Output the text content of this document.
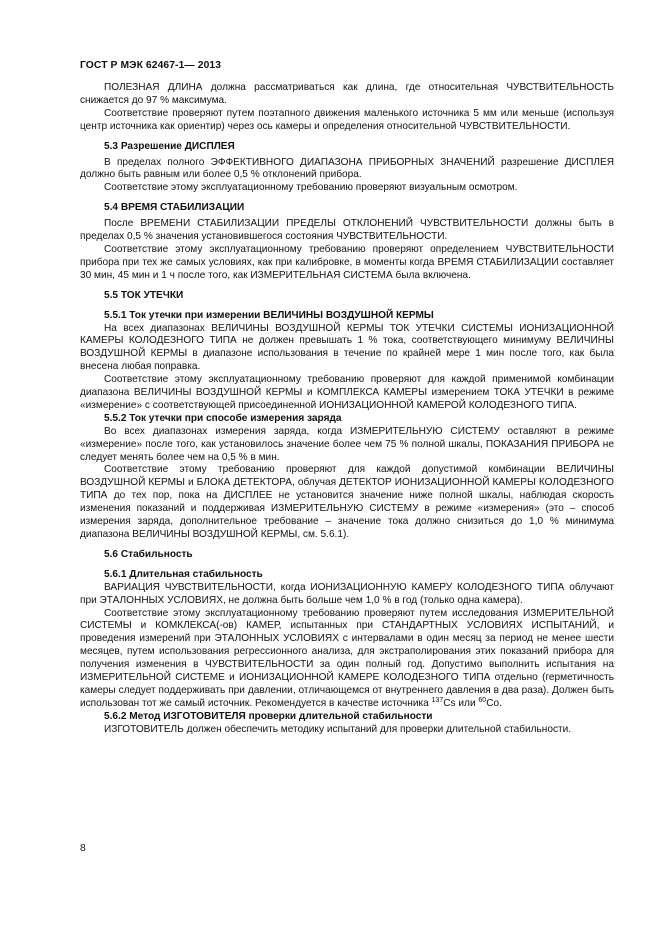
ГОСТ Р МЭК 62467-1— 2013

ПОЛЕЗНАЯ ДЛИНА должна рассматриваться как длина, где относительная ЧУВСТВИТЕЛЬНОСТЬ снижается до 97 % максимума.

Соответствие проверяют путем поэтапного движения маленького источника 5 мм или меньше (используя центр источника как ориентир) через ось камеры и определения относительной ЧУВСТВИТЕЛЬНОСТИ.

5.3 Разрешение ДИСПЛЕЯ

В пределах полного ЭФФЕКТИВНОГО ДИАПАЗОНА ПРИБОРНЫХ ЗНАЧЕНИЙ разрешение ДИСПЛЕЯ должно быть равным или более 0,5 % отклонений прибора.

Соответствие этому эксплуатационному требованию проверяют визуальным осмотром.

5.4 ВРЕМЯ СТАБИЛИЗАЦИИ

После ВРЕМЕНИ СТАБИЛИЗАЦИИ ПРЕДЕЛЫ ОТКЛОНЕНИЙ ЧУВСТВИТЕЛЬНОСТИ должны быть в пределах 0,5 % значения установившегося состояния ЧУВСТВИТЕЛЬНОСТИ.

Соответствие этому эксплуатационному требованию проверяют определением ЧУВСТВИТЕЛЬНОСТИ прибора при тех же самых условиях, как при калибровке, в моменты когда ВРЕМЯ СТАБИЛИЗАЦИИ составляет 30 мин, 45 мин и 1 ч после того, как ИЗМЕРИТЕЛЬНАЯ СИСТЕМА была включена.

5.5 ТОК УТЕЧКИ
5.5.1 Ток утечки при измерении ВЕЛИЧИНЫ ВОЗДУШНОЙ КЕРМЫ

На всех диапазонах ВЕЛИЧИНЫ ВОЗДУШНОЙ КЕРМЫ ТОК УТЕЧКИ СИСТЕМЫ ИОНИЗАЦИОННОЙ КАМЕРЫ КОЛОДЕЗНОГО ТИПА не должен превышать 1 % тока, соответствующего минимуму ВЕЛИЧИНЫ ВОЗДУШНОЙ КЕРМЫ в диапазоне использования в течение по крайней мере 1 мин после того, как была внесена любая поправка.

Соответствие этому эксплуатационному требованию проверяют для каждой применимой комбинации диапазона ВЕЛИЧИНЫ ВОЗДУШНОЙ КЕРМЫ и КОМПЛЕКСА КАМЕРЫ измерением ТОКА УТЕЧКИ в режиме «измерение» с соответствующей присоединенной ИОНИЗАЦИОННОЙ КАМЕРОЙ КОЛОДЕЗНОГО ТИПА.

5.5.2 Ток утечки при способе измерения заряда

Во всех диапазонах измерения заряда, когда ИЗМЕРИТЕЛЬНУЮ СИСТЕМУ оставляют в режиме «измерение» после того, как установилось значение более чем 75 % полной шкалы, ПОКАЗАНИЯ ПРИБОРА не следует менять более чем на 0,5 % в мин.

Соответствие этому требованию проверяют для каждой допустимой комбинации ВЕЛИЧИНЫ ВОЗДУШНОЙ КЕРМЫ и БЛОКА ДЕТЕКТОРА, облучая ДЕТЕКТОР ИОНИЗАЦИОННОЙ КАМЕРЫ КОЛОДЕЗНОГО ТИПА до тех пор, пока на ДИСПЛЕЕ не установится значение ниже полной шкалы, наблюдая скорость изменения показаний и поддерживая ИЗМЕРИТЕЛЬНУЮ СИСТЕМУ в режиме «измерения» (это – способ измерения заряда, дополнительное требование – значение тока должно снизиться до 1,0 % минимума диапазона ВЕЛИЧИНЫ ВОЗДУШНОЙ КЕРМЫ, см. 5.6.1).

5.6 Стабильность
5.6.1 Длительная стабильность

ВАРИАЦИЯ ЧУВСТВИТЕЛЬНОСТИ, когда ИОНИЗАЦИОННУЮ КАМЕРУ КОЛОДЕЗНОГО ТИПА облучают при ЭТАЛОННЫХ УСЛОВИЯХ, не должна быть больше чем 1,0 % в год (только одна камера).

Соответствие этому эксплуатационному требованию проверяют путем исследования ИЗМЕРИТЕЛЬНОЙ СИСТЕМЫ и КОМКЛЕКСА(-ов) КАМЕР, испытанных при СТАНДАРТНЫХ УСЛОВИЯХ ИСПЫТАНИЙ, и проведения измерений при ЭТАЛОННЫХ УСЛОВИЯХ с интервалами в один месяц за период не менее шести месяцев, путем использования регрессионного анализа, для экстраполирования этих показаний прибора для получения изменения в ЧУВСТВИТЕЛЬНОСТИ за один полный год. Допустимо выполнить испытания на ИЗМЕРИТЕЛЬНОЙ СИСТЕМЕ и ИОНИЗАЦИОННОЙ КАМЕРЕ КОЛОДЕЗНОГО ТИПА отдельно (герметичность камеры следует поддерживать при давлении, отличающемся от внутреннего давления в два раза). Должен быть использован тот же самый источник. Рекомендуется в качестве источника $^{137}$Cs или $^{60}$Co.

5.6.2 Метод ИЗГОТОВИТЕЛЯ проверки длительной стабильности

ИЗГОТОВИТЕЛЬ должен обеспечить методику испытаний для проверки длительной стабильности.

8
